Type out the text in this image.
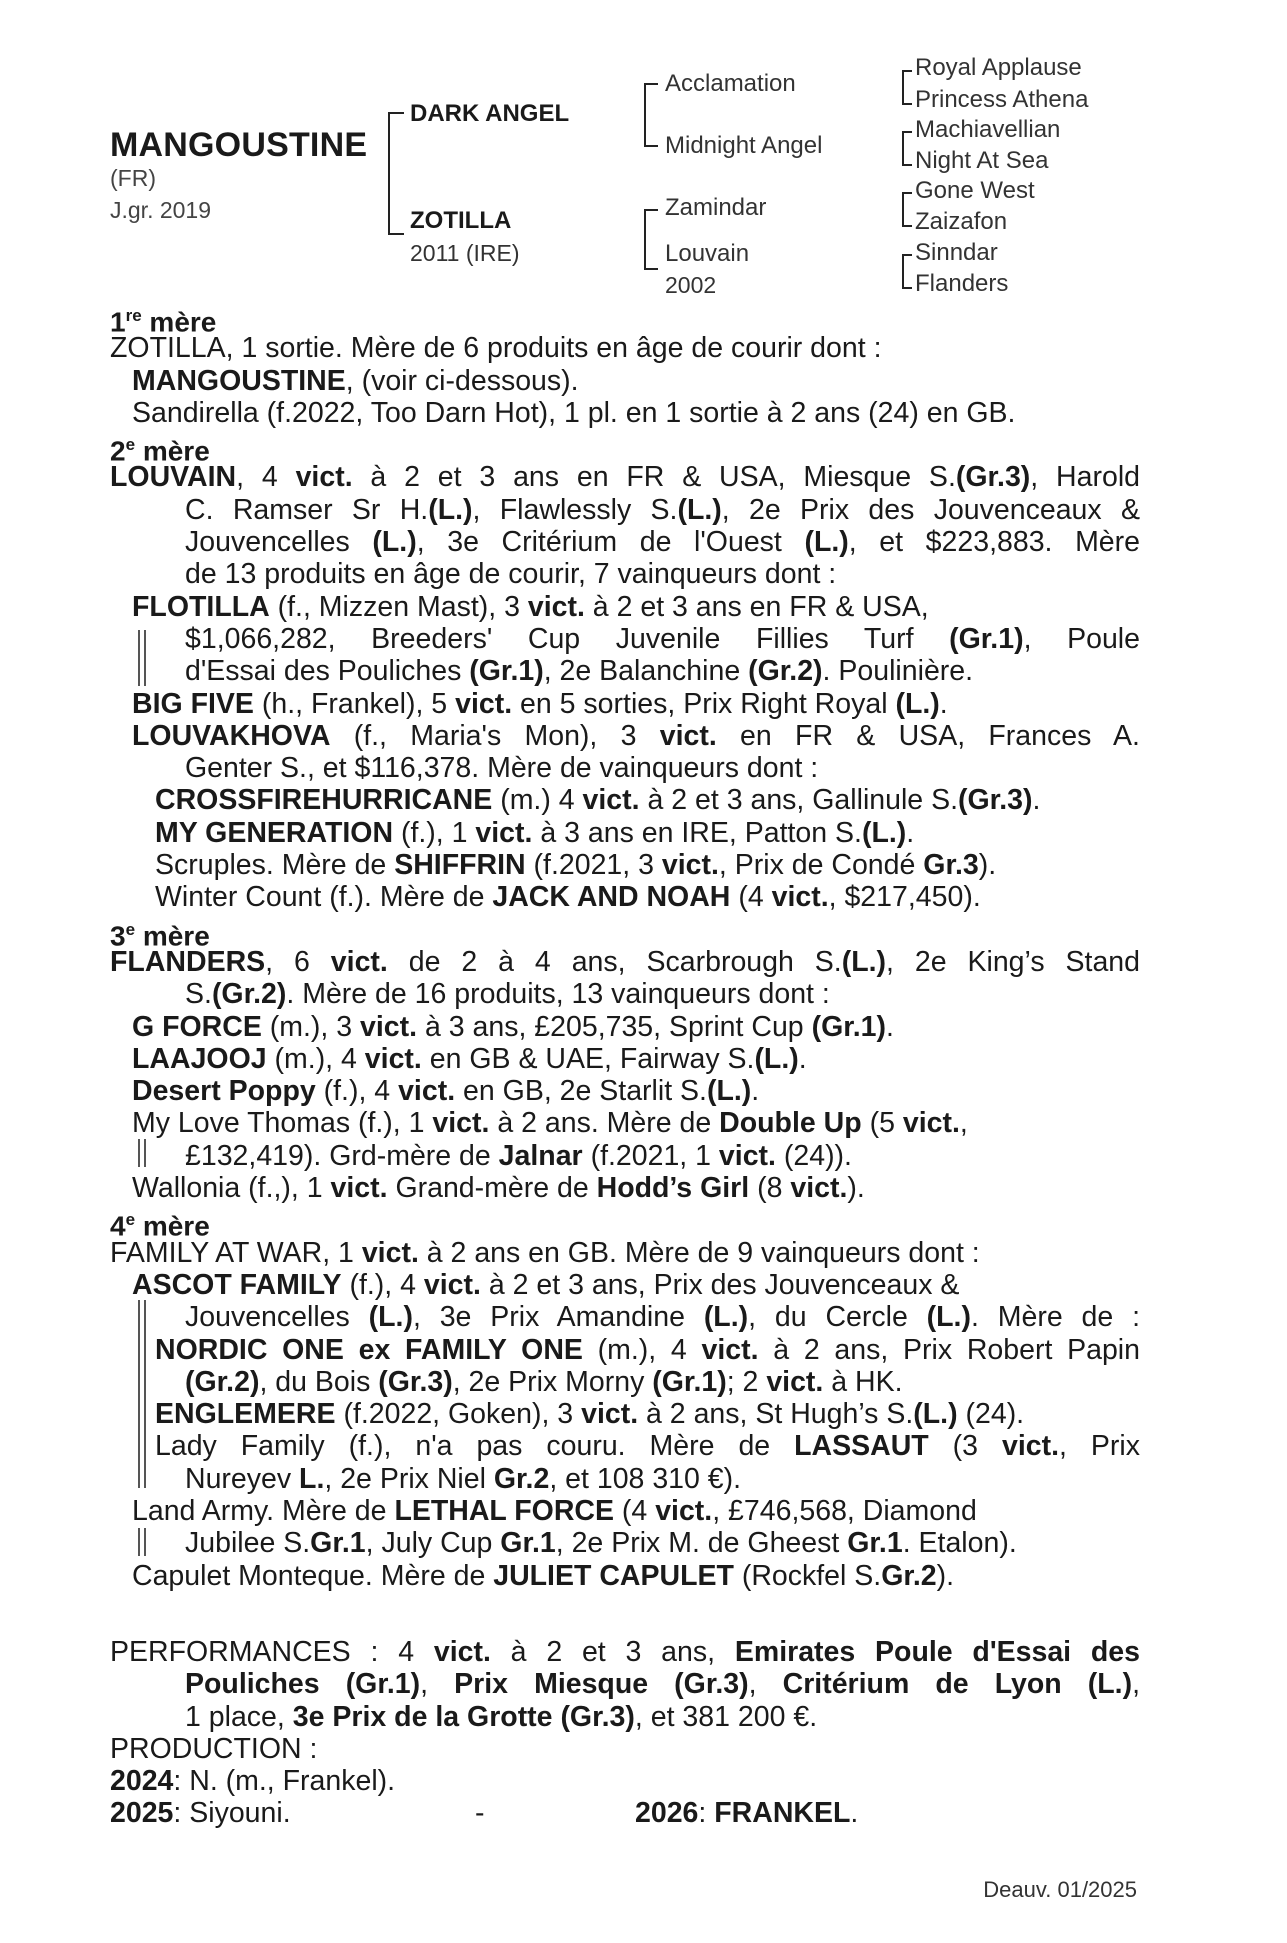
MANGOUSTINE
(FR)
J.gr. 2019
DARK ANGEL
ZOTILLA
2011 (IRE)
Acclamation
Midnight Angel
Zamindar
Louvain
2002
Royal Applause
Princess Athena
Machiavellian
Night At Sea
Gone West
Zaizafon
Sinndar
Flanders
1re mère
ZOTILLA, 1 sortie. Mère de 6 produits en âge de courir dont :
MANGOUSTINE, (voir ci-dessous).
Sandirella (f.2022, Too Darn Hot), 1 pl. en 1 sortie à 2 ans (24) en GB.
2e mère
LOUVAIN, 4 vict. à 2 et 3 ans en FR & USA, Miesque S.(Gr.3), Harold
C. Ramser Sr H.(L.), Flawlessly S.(L.), 2e Prix des Jouvenceaux &
Jouvencelles (L.), 3e Critérium de l'Ouest (L.), et $223,883. Mère
de 13 produits en âge de courir, 7 vainqueurs dont :
FLOTILLA (f., Mizzen Mast), 3 vict. à 2 et 3 ans en FR & USA,
$1,066,282, Breeders' Cup Juvenile Fillies Turf (Gr.1), Poule
d'Essai des Pouliches (Gr.1), 2e Balanchine (Gr.2). Poulinière.
BIG FIVE (h., Frankel), 5 vict. en 5 sorties, Prix Right Royal (L.).
LOUVAKHOVA (f., Maria's Mon), 3 vict. en FR & USA, Frances A.
Genter S., et $116,378. Mère de vainqueurs dont :
CROSSFIREHURRICANE (m.) 4 vict. à 2 et 3 ans, Gallinule S.(Gr.3).
MY GENERATION (f.), 1 vict. à 3 ans en IRE, Patton S.(L.).
Scruples. Mère de SHIFFRIN (f.2021, 3 vict., Prix de Condé Gr.3).
Winter Count (f.). Mère de JACK AND NOAH (4 vict., $217,450).
3e mère
FLANDERS, 6 vict. de 2 à 4 ans, Scarbrough S.(L.), 2e King’s Stand
S.(Gr.2). Mère de 16 produits, 13 vainqueurs dont :
G FORCE (m.), 3 vict. à 3 ans, £205,735, Sprint Cup (Gr.1).
LAAJOOJ (m.), 4 vict. en GB & UAE, Fairway S.(L.).
Desert Poppy (f.), 4 vict. en GB, 2e Starlit S.(L.).
My Love Thomas (f.), 1 vict. à 2 ans. Mère de Double Up (5 vict.,
£132,419). Grd-mère de Jalnar (f.2021, 1 vict. (24)).
Wallonia (f.,), 1 vict. Grand-mère de Hodd’s Girl (8 vict.).
4e mère
FAMILY AT WAR, 1 vict. à 2 ans en GB. Mère de 9 vainqueurs dont :
ASCOT FAMILY (f.), 4 vict. à 2 et 3 ans, Prix des Jouvenceaux &
Jouvencelles (L.), 3e Prix Amandine (L.), du Cercle (L.). Mère de :
NORDIC ONE ex FAMILY ONE (m.), 4 vict. à 2 ans, Prix Robert Papin
(Gr.2), du Bois (Gr.3), 2e Prix Morny (Gr.1); 2 vict. à HK.
ENGLEMERE (f.2022, Goken), 3 vict. à 2 ans, St Hugh’s S.(L.) (24).
Lady Family (f.), n'a pas couru. Mère de LASSAUT (3 vict., Prix
Nureyev L., 2e Prix Niel Gr.2, et 108 310 €).
Land Army. Mère de LETHAL FORCE (4 vict., £746,568, Diamond
Jubilee S.Gr.1, July Cup Gr.1, 2e Prix M. de Gheest Gr.1. Etalon).
Capulet Monteque. Mère de JULIET CAPULET (Rockfel S.Gr.2).
PERFORMANCES : 4 vict. à 2 et 3 ans, Emirates Poule d'Essai des
Pouliches (Gr.1), Prix Miesque (Gr.3), Critérium de Lyon (L.),
1 place, 3e Prix de la Grotte (Gr.3), et 381 200 €.
PRODUCTION :
2024: N. (m., Frankel).
2025: Siyouni.	-	2026: FRANKEL.
Deauv. 01/2025
